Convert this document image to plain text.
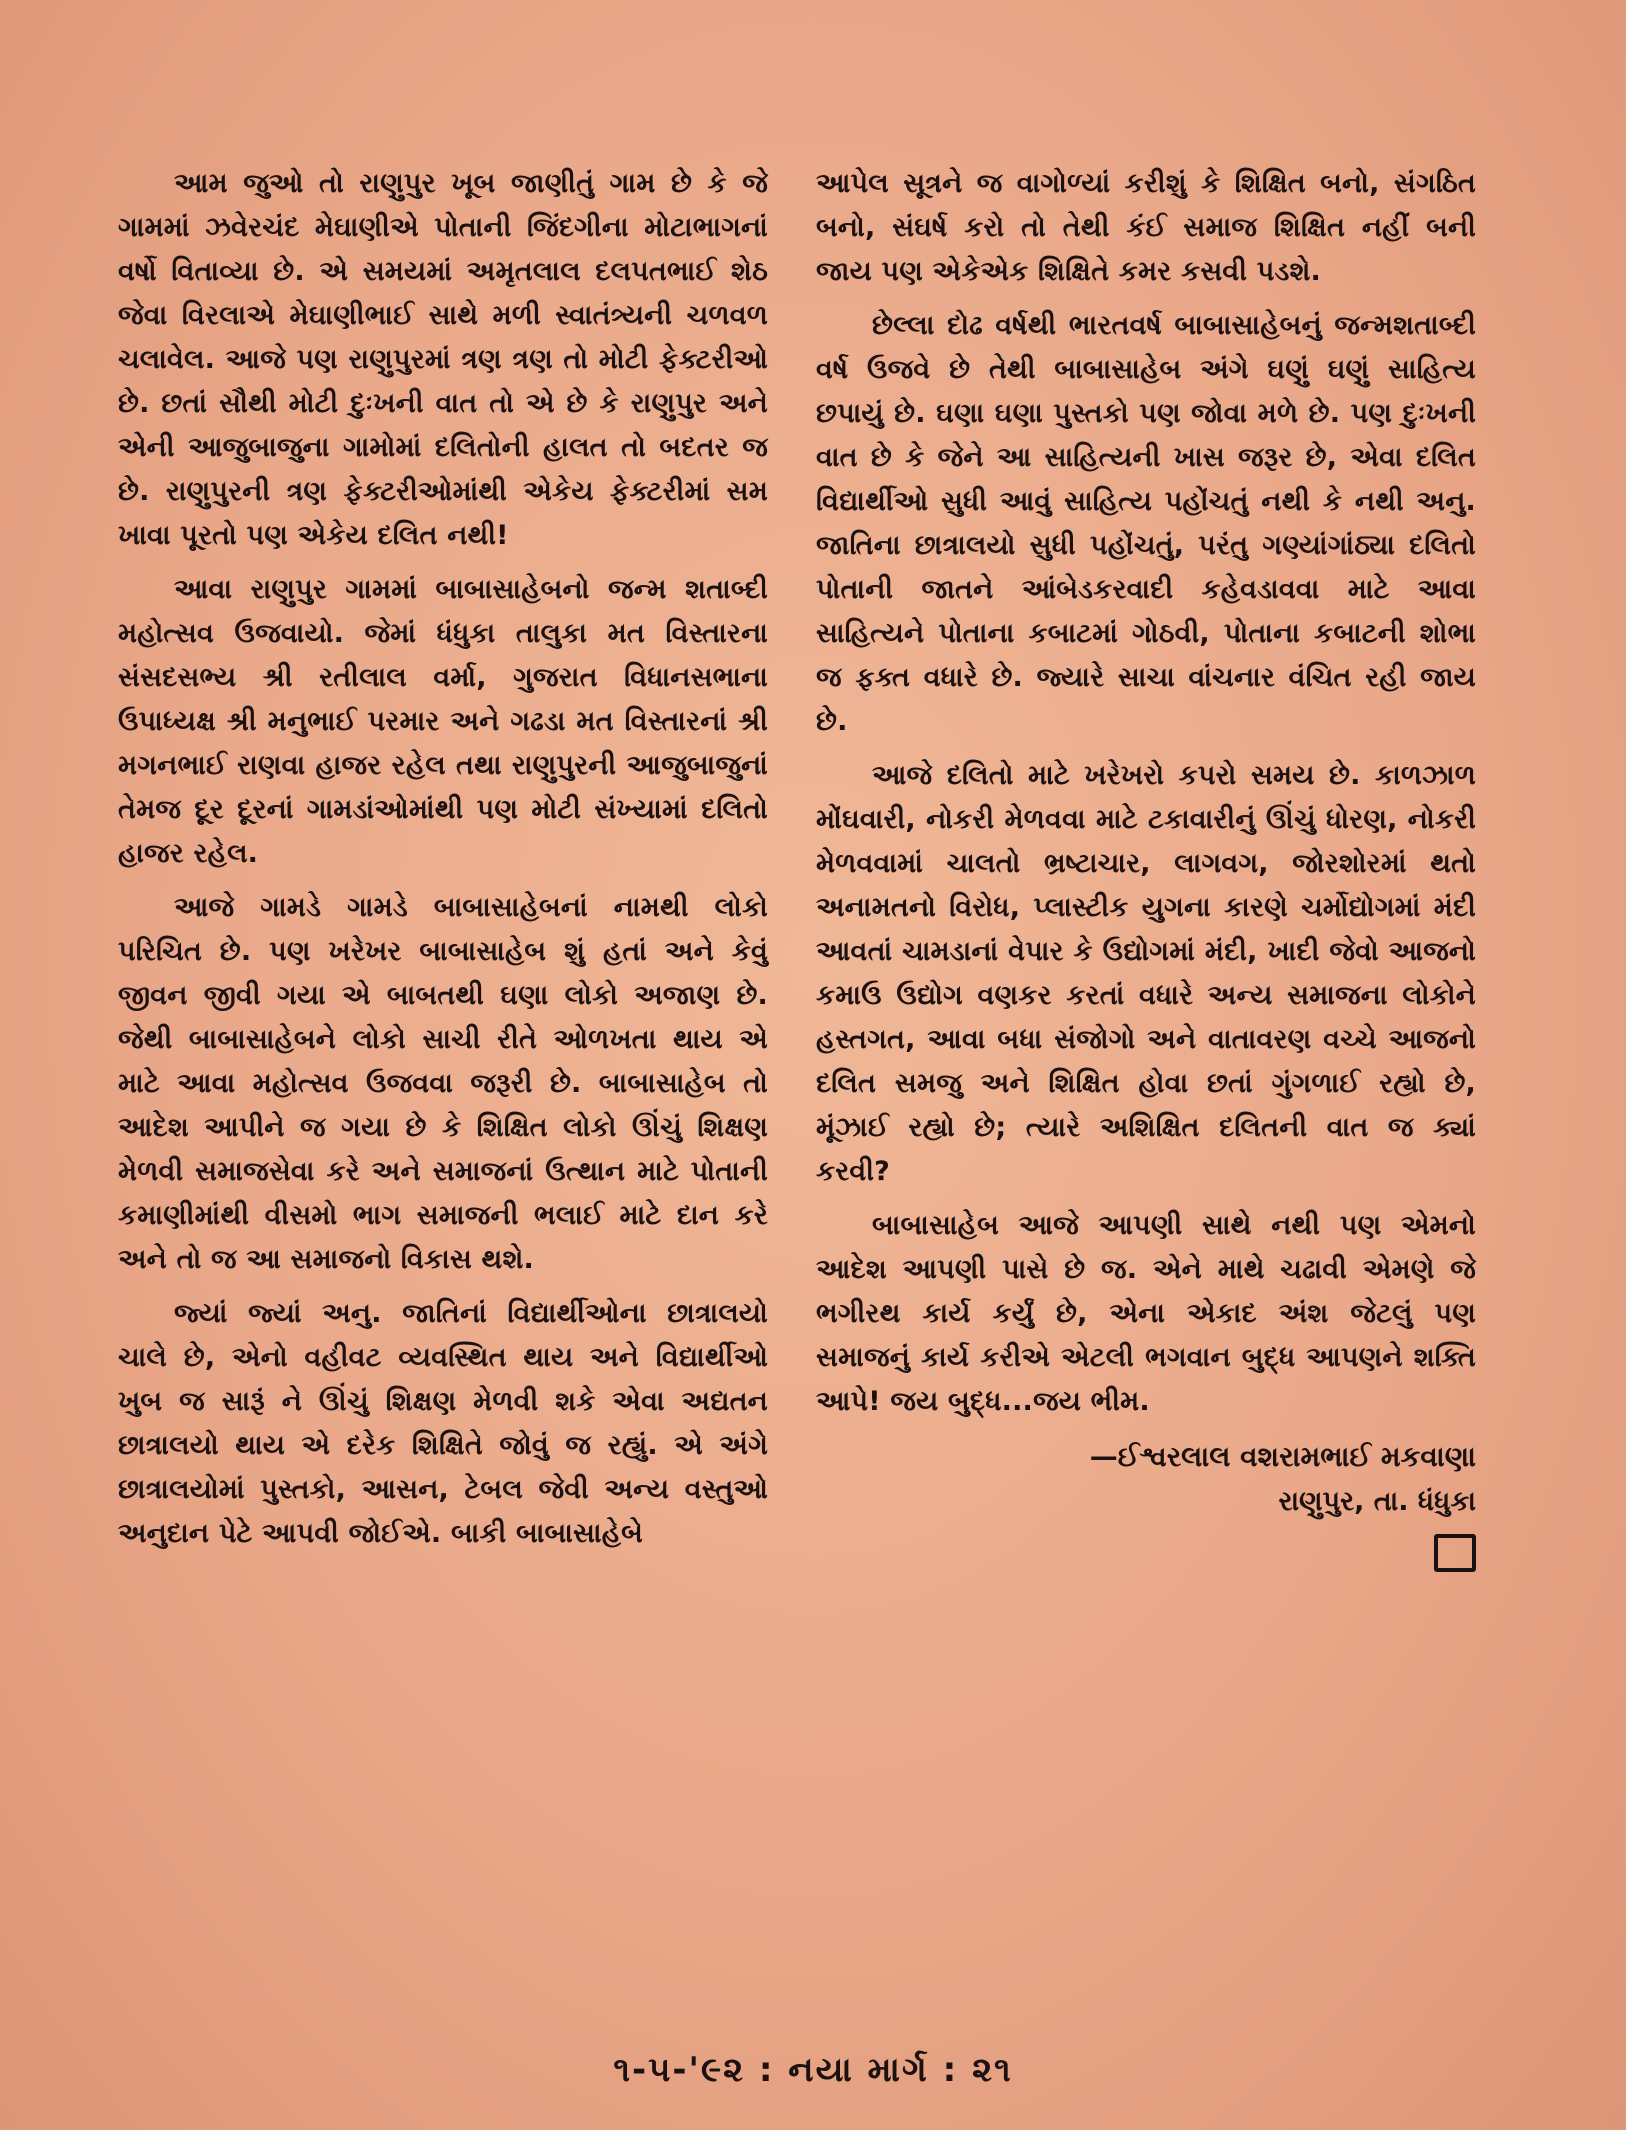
આમ જુઓ તો રાણુપુર ખૂબ જાણીતું ગામ છે કે જે ગામમાં ઝવેરચંદ મેઘાણીએ પોતાની જિંદગીના મોટાભાગનાં વર્ષો વિતાવ્યા છે. એ સમયમાં અમૃતલાલ દલપતભાઈ શેઠ જેવા વિરલાએ મેઘાણીભાઈ સાથે મળી સ્વાતંત્ર્યની ચળવળ ચલાવેલ. આજે પણ રાણુપુરમાં ત્રણ ત્રણ તો મોટી ફેક્ટરીઓ છે. છતાં સૌથી મોટી દુઃખની વાત તો એ છે કે રાણુપુર અને એની આજુબાજુના ગામોમાં દલિતોની હાલત તો બદતર જ છે. રાણુપુરની ત્રણ ફેક્ટરીઓમાંથી એકેય ફેક્ટરીમાં સમ ખાવા પૂરતો પણ એકેય દલિત નથી!

આવા રાણુપુર ગામમાં બાબાસાહેબનો જન્મ શતાબ્દી મહોત્સવ ઉજવાયો. જેમાં ધંધુકા તાલુકા મત વિસ્તારના સંસદસભ્ય શ્રી રતીલાલ વર્મા, ગુજરાત વિધાનસભાના ઉપાધ્યક્ષ શ્રી મનુભાઈ પરમાર અને ગઢડા મત વિસ્તારનાં શ્રી મગનભાઈ રાણવા હાજર રહેલ તથા રાણુપુરની આજુબાજુનાં તેમજ દૂર દૂરનાં ગામડાંઓમાંથી પણ મોટી સંખ્યામાં દલિતો હાજર રહેલ.

આજે ગામડે ગામડે બાબાસાહેબનાં નામથી લોકો પરિચિત છે. પણ ખરેખર બાબાસાહેબ શું હતાં અને કેવું જીવન જીવી ગયા એ બાબતથી ઘણા લોકો અજાણ છે. જેથી બાબાસાહેબને લોકો સાચી રીતે ઓળખતા થાય એ માટે આવા મહોત્સવ ઉજવવા જરૂરી છે. બાબાસાહેબ તો આદેશ આપીને જ ગયા છે કે શિક્ષિત લોકો ઊંચું શિક્ષણ મેળવી સમાજસેવા કરે અને સમાજનાં ઉત્થાન માટે પોતાની કમાણીમાંથી વીસમો ભાગ સમાજની ભલાઈ માટે દાન કરે અને તો જ આ સમાજનો વિકાસ થશે.

જ્યાં જ્યાં અનુ. જાતિનાં વિદ્યાર્થીઓના છાત્રાલયો ચાલે છે, એનો વહીવટ વ્યવસ્થિત થાય અને વિદ્યાર્થીઓ ખુબ જ સારૂં ને ઊંચું શિક્ષણ મેળવી શકે એવા અદ્યતન છાત્રાલયો થાય એ દરેક શિક્ષિતે જોવું જ રહ્યું. એ અંગે છાત્રાલયોમાં પુસ્તકો, આસન, ટેબલ જેવી અન્ય વસ્તુઓ અનુદાન પેટે આપવી જોઈએ. બાકી બાબાસાહેબે

આપેલ સૂત્રને જ વાગોળ્યાં કરીશું કે શિક્ષિત બનો, સંગઠિત બનો, સંઘર્ષ કરો તો તેથી કંઈ સમાજ શિક્ષિત નહીં બની જાય પણ એકેએક શિક્ષિતે કમર કસવી પડશે.

છેલ્લા દોઢ વર્ષથી ભારતવર્ષ બાબાસાહેબનું જન્મશતાબ્દી વર્ષ ઉજવે છે તેથી બાબાસાહેબ અંગે ઘણું ઘણું સાહિત્ય છપાયું છે. ઘણા ઘણા પુસ્તકો પણ જોવા મળે છે. પણ દુઃખની વાત છે કે જેને આ સાહિત્યની ખાસ જરૂર છે, એવા દલિત વિદ્યાર્થીઓ સુધી આવું સાહિત્ય પહોંચતું નથી કે નથી અનુ. જાતિના છાત્રાલયો સુધી પહોંચતું, પરંતુ ગણ્યાંગાંઠ્યા દલિતો પોતાની જાતને આંબેડકરવાદી કહેવડાવવા માટે આવા સાહિત્યને પોતાના કબાટમાં ગોઠવી, પોતાના કબાટની શોભા જ ફક્ત વધારે છે. જ્યારે સાચા વાંચનાર વંચિત રહી જાય છે.

આજે દલિતો માટે ખરેખરો કપરો સમય છે. કાળઝાળ મોંઘવારી, નોકરી મેળવવા માટે ટકાવારીનું ઊંચું ધોરણ, નોકરી મેળવવામાં ચાલતો ભ્રષ્ટાચાર, લાગવગ, જોરશોરમાં થતો અનામતનો વિરોધ, પ્લાસ્ટીક યુગના કારણે ચર્મોદ્યોગમાં મંદી આવતાં ચામડાનાં વેપાર કે ઉદ્યોગમાં મંદી, ખાદી જેવો આજનો કમાઉ ઉદ્યોગ વણકર કરતાં વધારે અન્ય સમાજના લોકોને હસ્તગત, આવા બધા સંજોગો અને વાતાવરણ વચ્ચે આજનો દલિત સમજુ અને શિક્ષિત હોવા છતાં ગુંગળાઈ રહ્યો છે, મૂંઝાઈ રહ્યો છે; ત્યારે અશિક્ષિત દલિતની વાત જ ક્યાં કરવી?

બાબાસાહેબ આજે આપણી સાથે નથી પણ એમનો આદેશ આપણી પાસે છે જ. એને માથે ચઢાવી એમણે જે ભગીરથ કાર્ય કર્યું છે, એના એકાદ અંશ જેટલું પણ સમાજનું કાર્ય કરીએ એટલી ભગવાન બુદ્ધ આપણને શક્તિ આપે! જય બુદ્ધ...જય ભીમ.

—ઈશ્વરલાલ વશરામભાઈ મકવાણા
રાણુપુર, તા. ધંધુકા
૧-૫-'૯૨ : નયા માર્ગ : ૨૧
